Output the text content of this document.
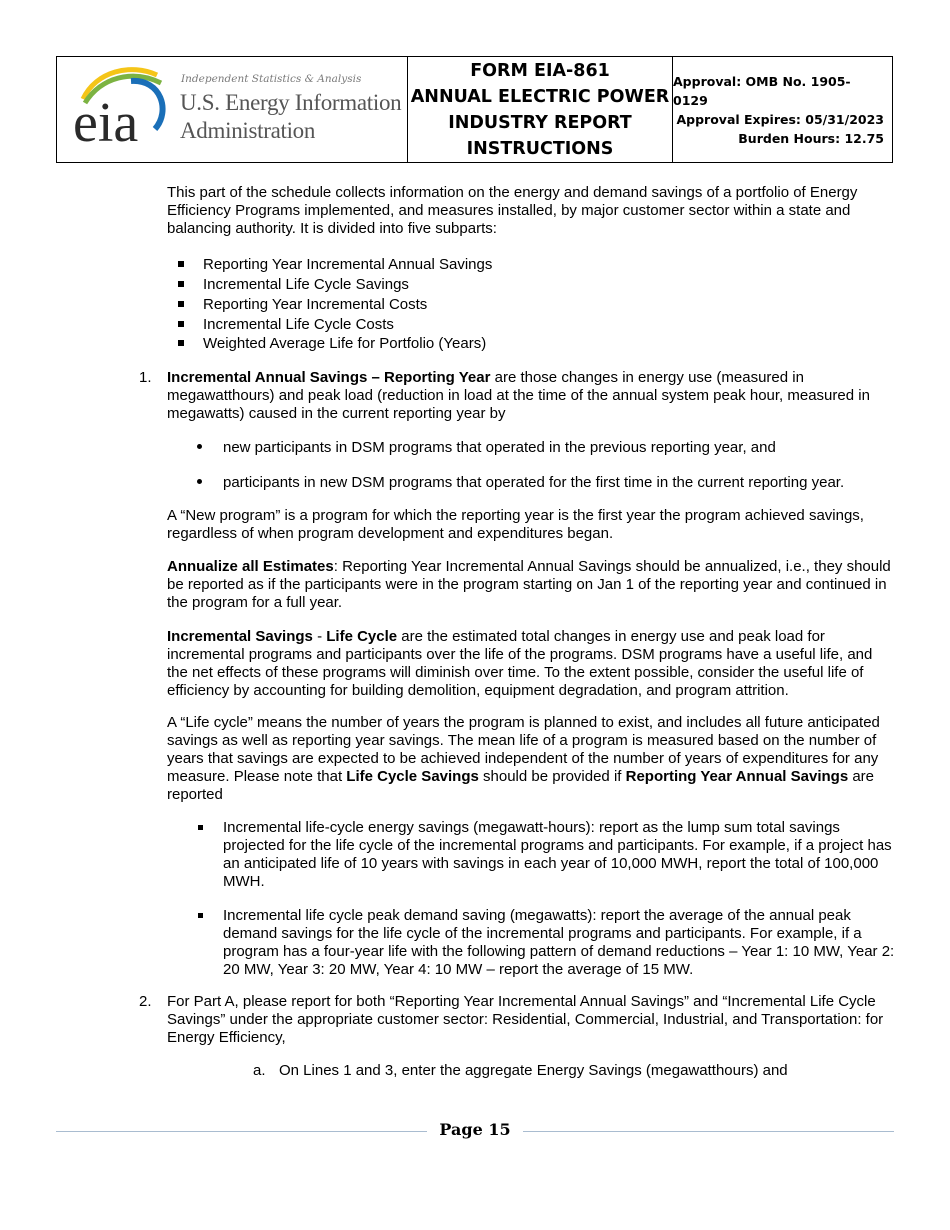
eia
Independent Statistics & Analysis
U.S. Energy Information
Administration
FORM EIA-861
ANNUAL ELECTRIC POWER
INDUSTRY REPORT
INSTRUCTIONS
Approval: OMB No. 1905-0129
Approval Expires: 05/31/2023
Burden Hours: 12.75

This part of the schedule collects information on the energy and demand savings of a portfolio of Energy Efficiency Programs implemented, and measures installed, by major customer sector within a state and balancing authority. It is divided into five subparts:

Reporting Year Incremental Annual Savings

Incremental Life Cycle Savings

Reporting Year Incremental Costs

Incremental Life Cycle Costs

Weighted Average Life for Portfolio (Years)

1. Incremental Annual Savings – Reporting Year are those changes in energy use (measured in megawatthours) and peak load (reduction in load at the time of the annual system peak hour, measured in megawatts) caused in the current reporting year by

new participants in DSM programs that operated in the previous reporting year, and

participants in new DSM programs that operated for the first time in the current reporting year.

A “New program” is a program for which the reporting year is the first year the program achieved savings, regardless of when program development and expenditures began.

Annualize all Estimates: Reporting Year Incremental Annual Savings should be annualized, i.e., they should be reported as if the participants were in the program starting on Jan 1 of the reporting year and continued in the program for a full year.

Incremental Savings - Life Cycle are the estimated total changes in energy use and peak load for incremental programs and participants over the life of the programs. DSM programs have a useful life, and the net effects of these programs will diminish over time. To the extent possible, consider the useful life of efficiency by accounting for building demolition, equipment degradation, and program attrition.

A “Life cycle” means the number of years the program is planned to exist, and includes all future anticipated savings as well as reporting year savings. The mean life of a program is measured based on the number of years that savings are expected to be achieved independent of the number of years of expenditures for any measure. Please note that Life Cycle Savings should be provided if Reporting Year Annual Savings are reported

Incremental life-cycle energy savings (megawatt-hours): report as the lump sum total savings projected for the life cycle of the incremental programs and participants. For example, if a project has an anticipated life of 10 years with savings in each year of 10,000 MWH, report the total of 100,000 MWH.

Incremental life cycle peak demand saving (megawatts): report the average of the annual peak demand savings for the life cycle of the incremental programs and participants. For example, if a program has a four-year life with the following pattern of demand reductions – Year 1: 10 MW, Year 2: 20 MW, Year 3: 20 MW, Year 4: 10 MW – report the average of 15 MW.

2. For Part A, please report for both “Reporting Year Incremental Annual Savings” and “Incremental Life Cycle Savings” under the appropriate customer sector: Residential, Commercial, Industrial, and Transportation: for Energy Efficiency,

a. On Lines 1 and 3, enter the aggregate Energy Savings (megawatthours) and

Page 15
